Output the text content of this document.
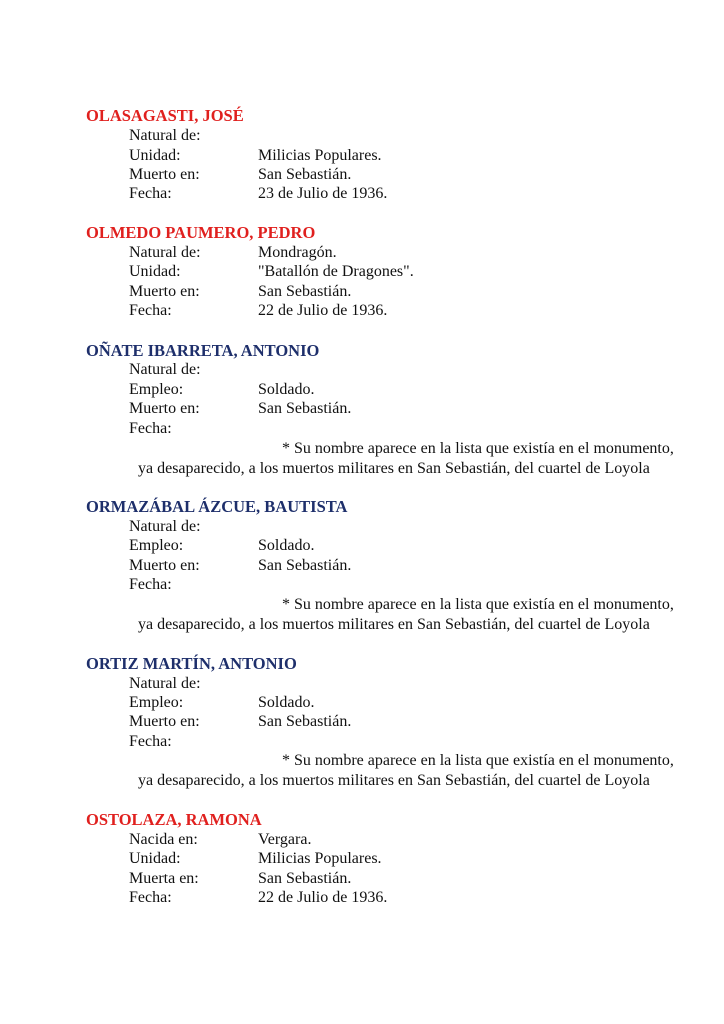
OLASAGASTI, JOSÉ
Natural de:
Unidad:	Milicias Populares.
Muerto en:	San Sebastián.
Fecha:	23 de Julio de 1936.
OLMEDO PAUMERO, PEDRO
Natural de:	Mondragón.
Unidad:	"Batallón de Dragones".
Muerto en:	San Sebastián.
Fecha:	22 de Julio de 1936.
OÑATE IBARRETA, ANTONIO
Natural de:
Empleo:	Soldado.
Muerto en:	San Sebastián.
Fecha:
* Su nombre aparece en la lista que existía en el monumento,
ya desaparecido, a los muertos militares en San Sebastián, del cuartel de Loyola
ORMAZÁBAL ÁZCUE, BAUTISTA
Natural de:
Empleo:	Soldado.
Muerto en:	San Sebastián.
Fecha:
* Su nombre aparece en la lista que existía en el monumento,
ya desaparecido, a los muertos militares en San Sebastián, del cuartel de Loyola
ORTIZ MARTÍN, ANTONIO
Natural de:
Empleo:	Soldado.
Muerto en:	San Sebastián.
Fecha:
* Su nombre aparece en la lista que existía en el monumento,
ya desaparecido, a los muertos militares en San Sebastián, del cuartel de Loyola
OSTOLAZA, RAMONA
Nacida en:	Vergara.
Unidad:	Milicias Populares.
Muerta en:	San Sebastián.
Fecha:	22 de Julio de 1936.
